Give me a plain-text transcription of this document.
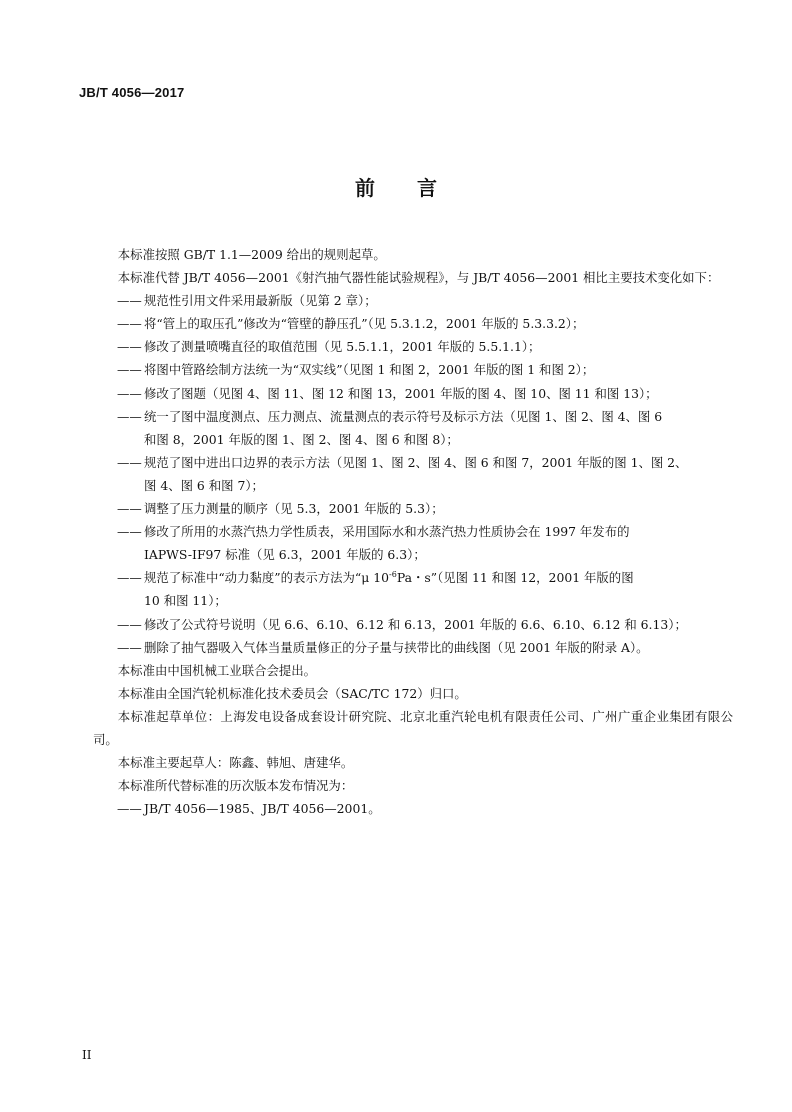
JB/T 4056—2017
前 言
本标准按照 GB/T 1.1—2009 给出的规则起草。
本标准代替 JB/T 4056—2001《射汽抽气器性能试验规程》，与 JB/T 4056—2001 相比主要技术变化如下：
—— 规范性引用文件采用最新版（见第 2 章）；
—— 将“管上的取压孔”修改为“管壁的静压孔”（见 5.3.1.2，2001 年版的 5.3.3.2）；
—— 修改了测量喷嘴直径的取值范围（见 5.5.1.1，2001 年版的 5.5.1.1）；
—— 将图中管路绘制方法统一为“双实线”（见图 1 和图 2，2001 年版的图 1 和图 2）；
—— 修改了图题（见图 4、图 11、图 12 和图 13，2001 年版的图 4、图 10、图 11 和图 13）；
—— 统一了图中温度测点、压力测点、流量测点的表示符号及标示方法（见图 1、图 2、图 4、图 6
和图 8，2001 年版的图 1、图 2、图 4、图 6 和图 8）；
—— 规范了图中进出口边界的表示方法（见图 1、图 2、图 4、图 6 和图 7，2001 年版的图 1、图 2、
图 4、图 6 和图 7）；
—— 调整了压力测量的顺序（见 5.3，2001 年版的 5.3）；
—— 修改了所用的水蒸汽热力学性质表，采用国际水和水蒸汽热力性质协会在 1997 年发布的
IAPWS-IF97 标准（见 6.3，2001 年版的 6.3）；
—— 规范了标准中“动力黏度”的表示方法为“μ $10^{-6}Pa$・s”（见图 11 和图 12，2001 年版的图
10 和图 11）；
—— 修改了公式符号说明（见 6.6、6.10、6.12 和 6.13，2001 年版的 6.6、6.10、6.12 和 6.13）；
—— 删除了抽气器吸入气体当量质量修正的分子量与挟带比的曲线图（见 2001 年版的附录 A）。
本标准由中国机械工业联合会提出。
本标准由全国汽轮机标准化技术委员会（SAC/TC 172）归口。
本标准起草单位：上海发电设备成套设计研究院、北京北重汽轮电机有限责任公司、广州广重企业集团有限公司。
本标准主要起草人：陈鑫、韩旭、唐建华。
本标准所代替标准的历次版本发布情况为：
—— JB/T 4056—1985、JB/T 4056—2001。
II
